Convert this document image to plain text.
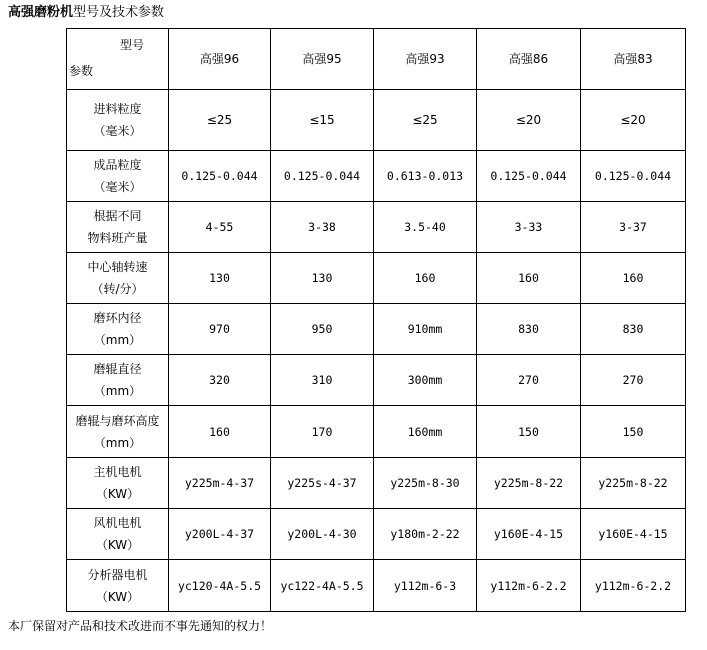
高强磨粉机型号及技术参数
型号
参数	高强96	高强95	高强93	高强86	高强83
进料粒度
（毫米）	≤25	≤15	≤25	≤20	≤20
成品粒度
（毫米）	0.125-0.044	0.125-0.044	0.613-0.013	0.125-0.044	0.125-0.044
根据不同
物料班产量	4-55	3-38	3.5-40	3-33	3-37
中心轴转速
（转/分）	130	130	160	160	160
磨环内径
（mm）	970	950	910mm	830	830
磨辊直径
（mm）	320	310	300mm	270	270
磨辊与磨环高度
（mm）	160	170	160mm	150	150
主机电机
（KW）	y225m-4-37	y225s-4-37	y225m-8-30	y225m-8-22	y225m-8-22
风机电机
（KW）	y200L-4-37	y200L-4-30	y180m-2-22	y160E-4-15	y160E-4-15
分析器电机
（KW）	yc120-4A-5.5	yc122-4A-5.5	y112m-6-3	y112m-6-2.2	y112m-6-2.2
本厂保留对产品和技术改进而不事先通知的权力！
